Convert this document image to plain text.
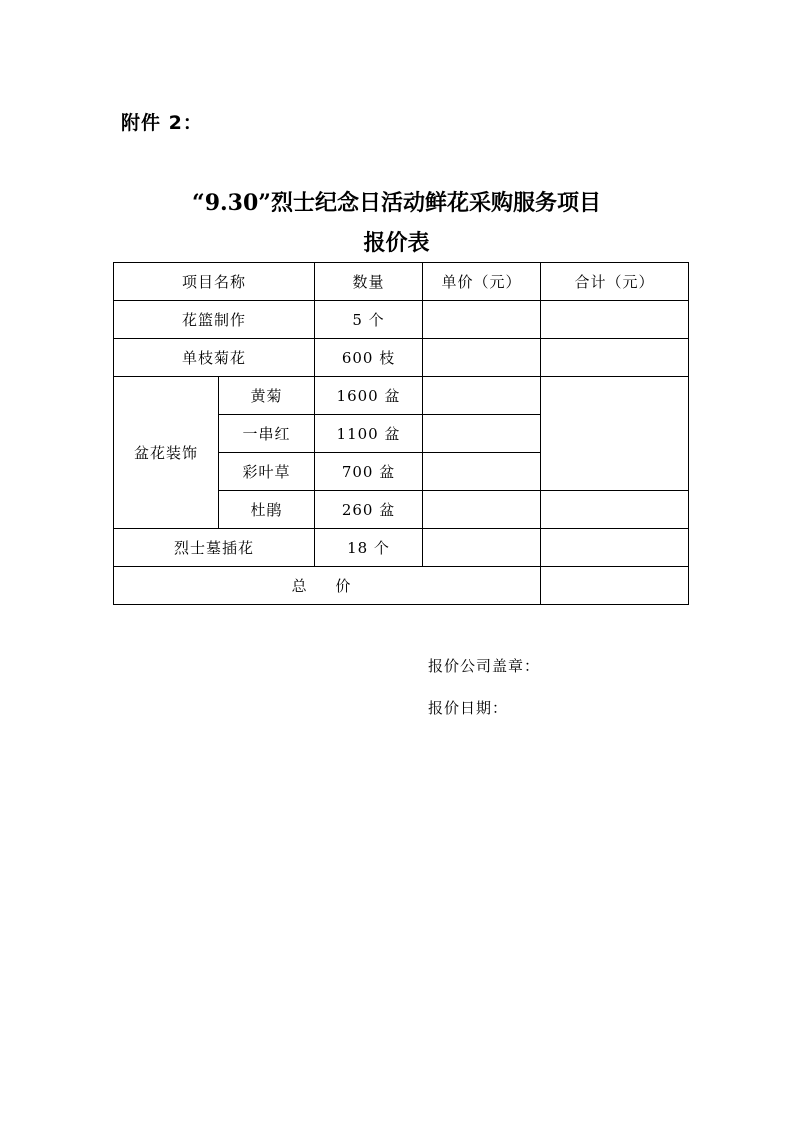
附件 2：
“9.30”烈士纪念日活动鲜花采购服务项目
报价表
项目名称		数量	单价（元）	合计（元）
花篮制作		5 个		
单枝菊花		600 枝		
盆花装饰	黄菊	1600 盆		
	一串红	1100 盆		
	彩叶草	700 盆		
	杜鹃	260 盆		
烈士墓插花		18 个		
总 价				
报价公司盖章：
报价日期：
